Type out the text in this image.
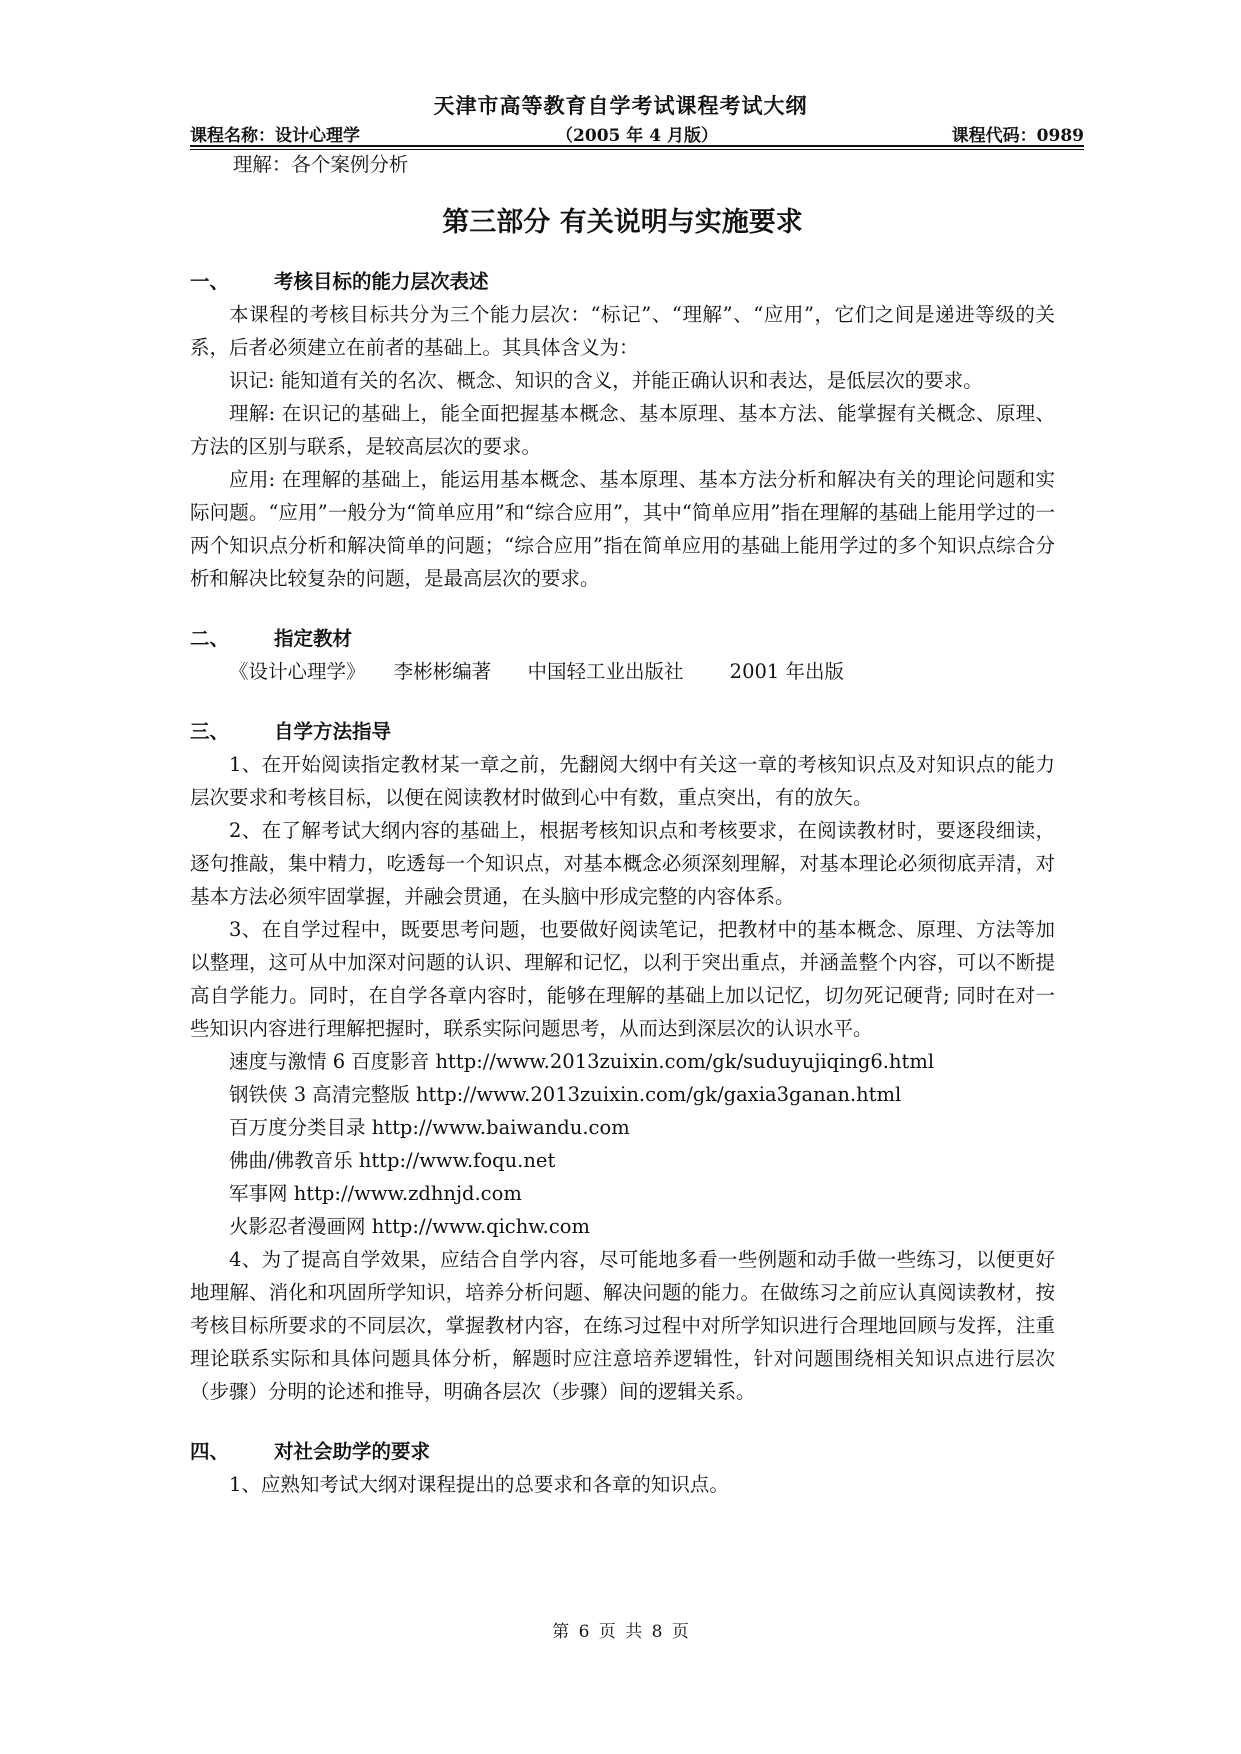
天津市高等教育自学考试课程考试大纲
课程名称：设计心理学	（2005 年 4 月版）	课程代码：0989

理解：各个案例分析

第三部分 有关说明与实施要求
一、 考核目标的能力层次表述

本课程的考核目标共分为三个能力层次：“标记”、“理解”、“应用”，它们之间是递进等级的关系，后者必须建立在前者的基础上。其具体含义为：

识记: 能知道有关的名次、概念、知识的含义，并能正确认识和表达，是低层次的要求。

理解: 在识记的基础上，能全面把握基本概念、基本原理、基本方法、能掌握有关概念、原理、方法的区别与联系，是较高层次的要求。

应用: 在理解的基础上，能运用基本概念、基本原理、基本方法分析和解决有关的理论问题和实际问题。“应用”一般分为“简单应用”和“综合应用”，其中“简单应用”指在理解的基础上能用学过的一两个知识点分析和解决简单的问题；“综合应用”指在简单应用的基础上能用学过的多个知识点综合分析和解决比较复杂的问题，是最高层次的要求。

二、 指定教材

《设计心理学》 李彬彬编著 中国轻工业出版社 2001 年出版

三、 自学方法指导

1、在开始阅读指定教材某一章之前，先翻阅大纲中有关这一章的考核知识点及对知识点的能力层次要求和考核目标，以便在阅读教材时做到心中有数，重点突出，有的放矢。

2、在了解考试大纲内容的基础上，根据考核知识点和考核要求，在阅读教材时，要逐段细读，逐句推敲，集中精力，吃透每一个知识点，对基本概念必须深刻理解，对基本理论必须彻底弄清，对基本方法必须牢固掌握，并融会贯通，在头脑中形成完整的内容体系。

3、在自学过程中，既要思考问题，也要做好阅读笔记，把教材中的基本概念、原理、方法等加以整理，这可从中加深对问题的认识、理解和记忆，以利于突出重点，并涵盖整个内容，可以不断提高自学能力。同时，在自学各章内容时，能够在理解的基础上加以记忆，切勿死记硬背; 同时在对一些知识内容进行理解把握时，联系实际问题思考，从而达到深层次的认识水平。

速度与激情 6 百度影音 http://www.2013zuixin.com/gk/suduyujiqing6.html

钢铁侠 3 高清完整版 http://www.2013zuixin.com/gk/gaxia3ganan.html

百万度分类目录 http://www.baiwandu.com

佛曲/佛教音乐 http://www.foqu.net

军事网 http://www.zdhnjd.com

火影忍者漫画网 http://www.qichw.com

4、为了提高自学效果，应结合自学内容，尽可能地多看一些例题和动手做一些练习，以便更好地理解、消化和巩固所学知识，培养分析问题、解决问题的能力。在做练习之前应认真阅读教材，按考核目标所要求的不同层次，掌握教材内容，在练习过程中对所学知识进行合理地回顾与发挥，注重理论联系实际和具体问题具体分析，解题时应注意培养逻辑性，针对问题围绕相关知识点进行层次（步骤）分明的论述和推导，明确各层次（步骤）间的逻辑关系。

四、 对社会助学的要求

1、应熟知考试大纲对课程提出的总要求和各章的知识点。

第 6 页 共 8 页
